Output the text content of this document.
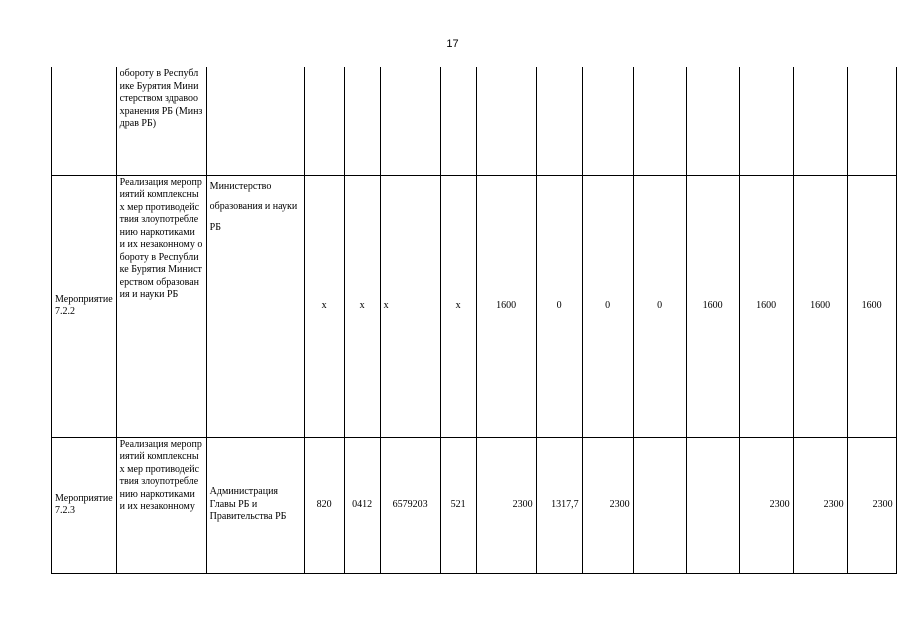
17
	обороту в Республике Бурятия Министерством здравоохранения РБ (Минздрав РБ)													
Мероприятие 7.2.2	Реализация мероприятий комплексных мер противодействия злоупотреблению наркотиками и их незаконному обороту в Республике Бурятия Министерством образования и науки РБ	Министерство образования и науки РБ	х	х	х	х	1600	0	0	0	1600	1600	1600	1600
Мероприятие 7.2.3	Реализация мероприятий комплексных мер противодействия злоупотреблению наркотиками и их незаконному	Администрация Главы РБ и Правительства РБ	820	0412	6579203	521	2300	1317,7	2300			2300	2300	2300
